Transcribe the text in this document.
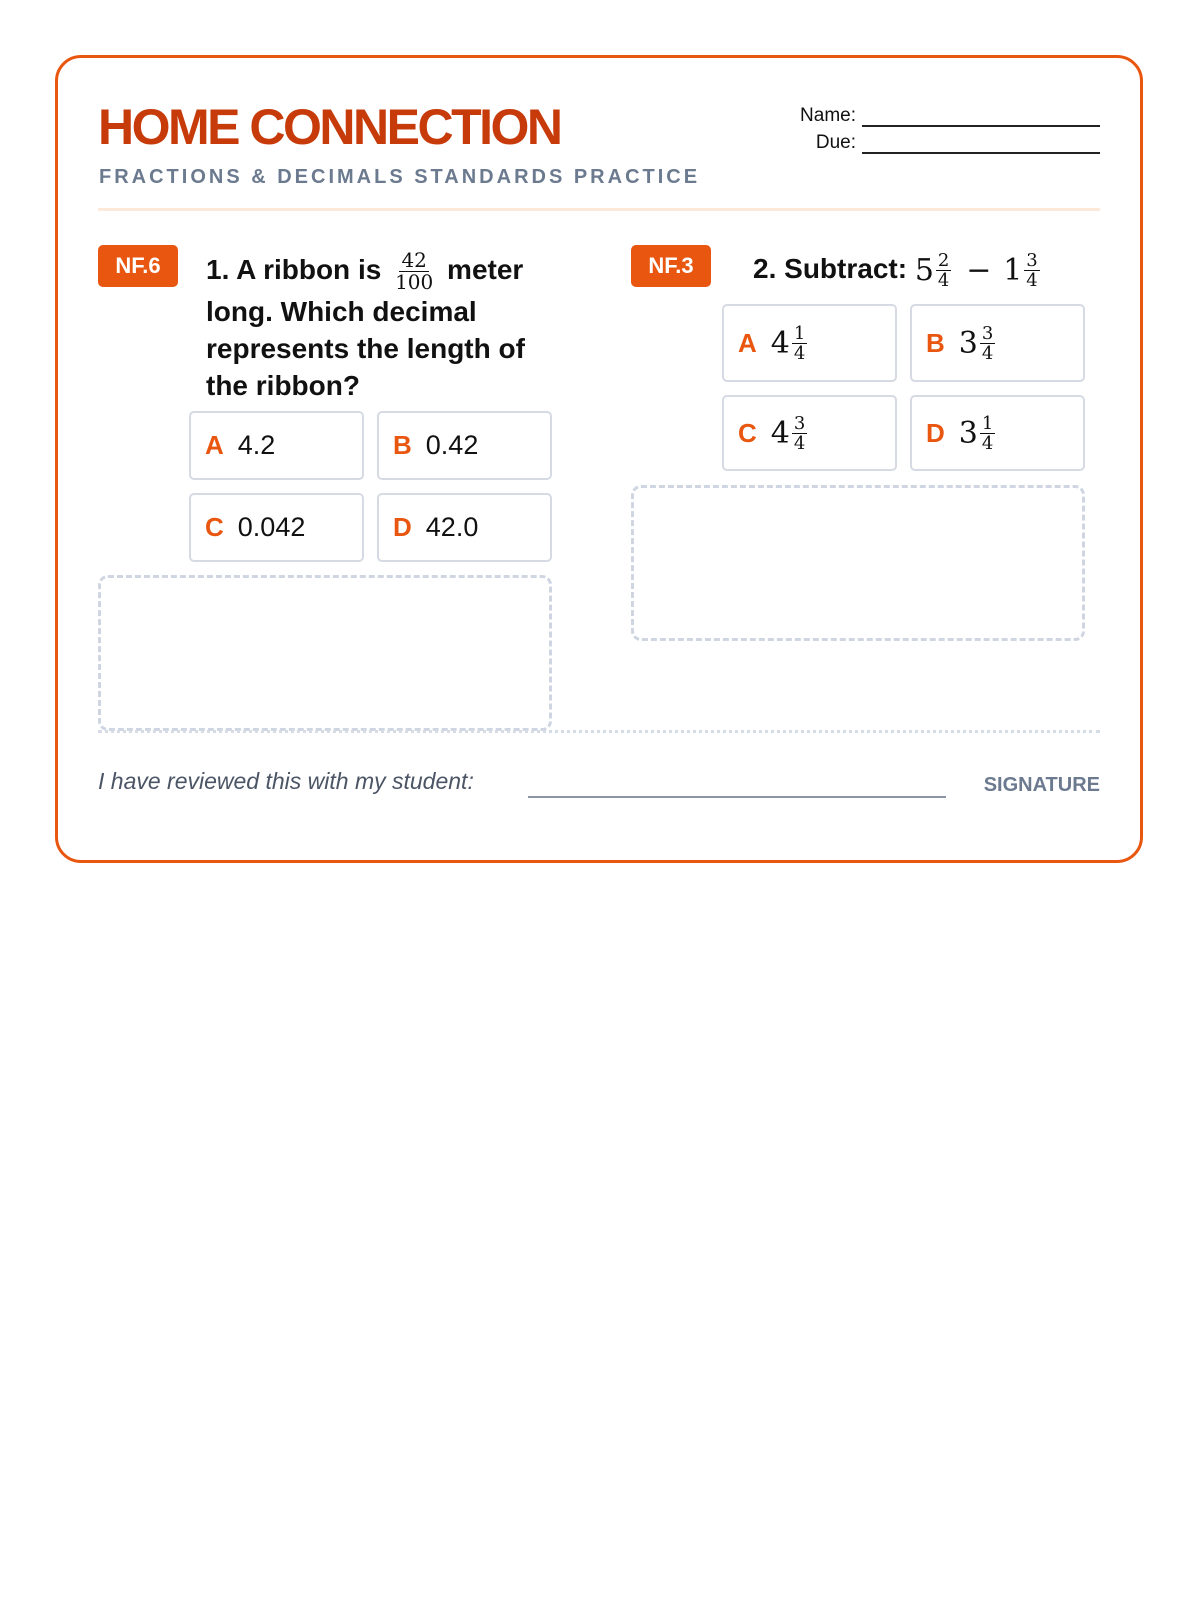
HOME CONNECTION
FRACTIONS & DECIMALS STANDARDS PRACTICE
Name:
Due:
NF.6	1. A ribbon is $\frac{42}{100}$ meter long. Which decimal represents the length of the ribbon?
A 4.2	B 0.42
C 0.042	D 42.0
NF.3	2. Subtract: $5 \frac{2}{4} - 1 \frac{3}{4}$
A $4 \frac{1}{4}$	B $3 \frac{3}{4}$
C $4 \frac{3}{4}$	D $3 \frac{1}{4}$
I have reviewed this with my student:	SIGNATURE
